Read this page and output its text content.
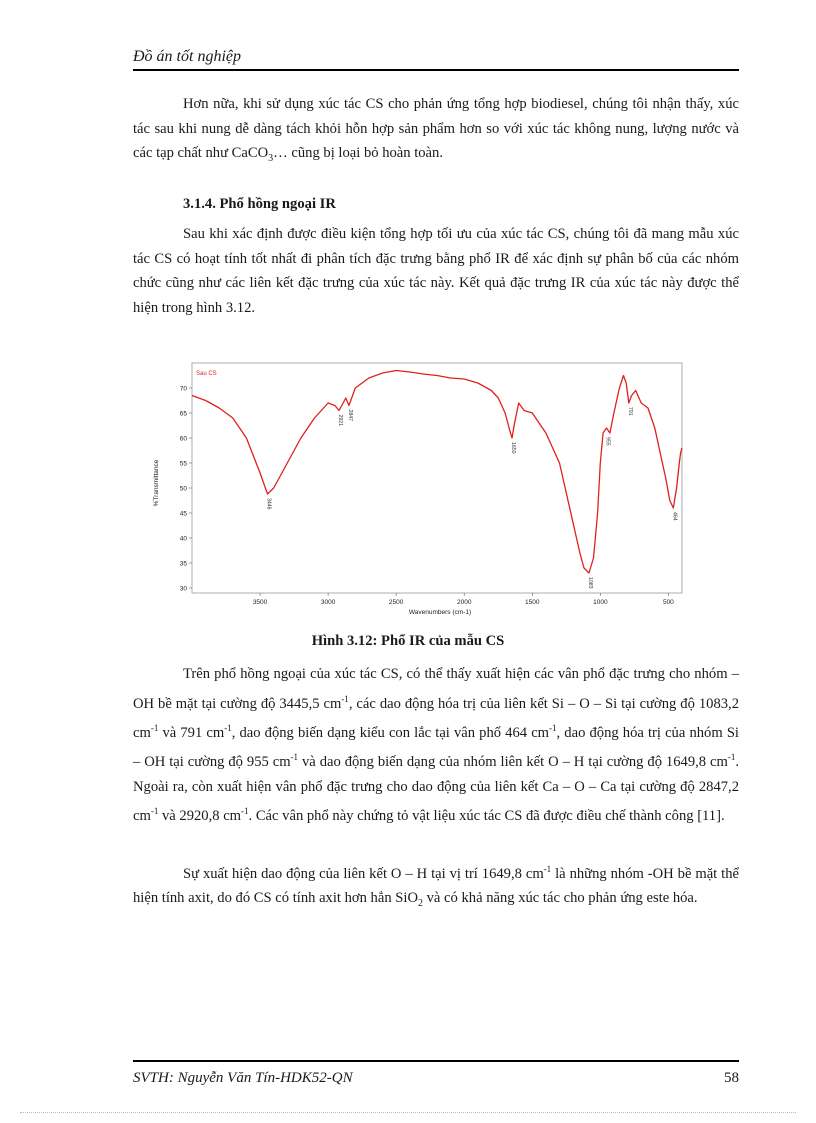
Đồ án tốt nghiệp

Hơn nữa, khi sử dụng xúc tác CS cho phản ứng tổng hợp biodiesel, chúng tôi nhận thấy, xúc tác sau khi nung dễ dàng tách khỏi hỗn hợp sản phẩm hơn so với xúc tác không nung, lượng nước và các tạp chất như CaCO$_3$… cũng bị loại bỏ hoàn toàn.

3.1.4. Phổ hồng ngoại IR

Sau khi xác định được điều kiện tổng hợp tối ưu của xúc tác CS, chúng tôi đã mang mẫu xúc tác CS có hoạt tính tốt nhất đi phân tích đặc trưng bằng phổ IR để xác định sự phân bố của các nhóm chức cũng như các liên kết đặc trưng của xúc tác này. Kết quả đặc trưng IR của xúc tác này được thể hiện trong hình 3.12.

3500	3000	2500	2000	1500	1000	500
30
35
40
45
50
55
60
65
70
3446
2921 2847
1650
1083
955
791
464
Sau CS
Wavenumbers (cm-1)
%Transmittance

Hình 3.12: Phổ IR của mẫu CS

Trên phổ hồng ngoại của xúc tác CS, có thể thấy xuất hiện các vân phổ đặc trưng cho nhóm –OH bề mặt tại cường độ 3445,5 $cm^{-1}$, các dao động hóa trị của liên kết Si – O – Si tại cường độ 1083,2 $cm^{-1}$ và 791 $cm^{-1}$, dao động biến dạng kiểu con lắc tại vân phổ 464 $cm^{-1}$, dao động hóa trị của nhóm Si – OH tại cường độ 955 $cm^{-1}$ và dao động biến dạng của nhóm liên kết O – H tại cường độ 1649,8 $cm^{-1}$. Ngoài ra, còn xuất hiện vân phổ đặc trưng cho dao động của liên kết Ca – O – Ca tại cường độ 2847,2 $cm^{-1}$ và 2920,8 $cm^{-1}$. Các vân phổ này chứng tỏ vật liệu xúc tác CS đã được điều chế thành công [11].

Sự xuất hiện dao động của liên kết O – H tại vị trí 1649,8 $cm^{-1}$ là những nhóm -OH bề mặt thể hiện tính axit, do đó CS có tính axit hơn hẳn SiO$_2$ và có khả năng xúc tác cho phản ứng este hóa.

SVTH: Nguyễn Văn Tín-HDK52-QN	58
